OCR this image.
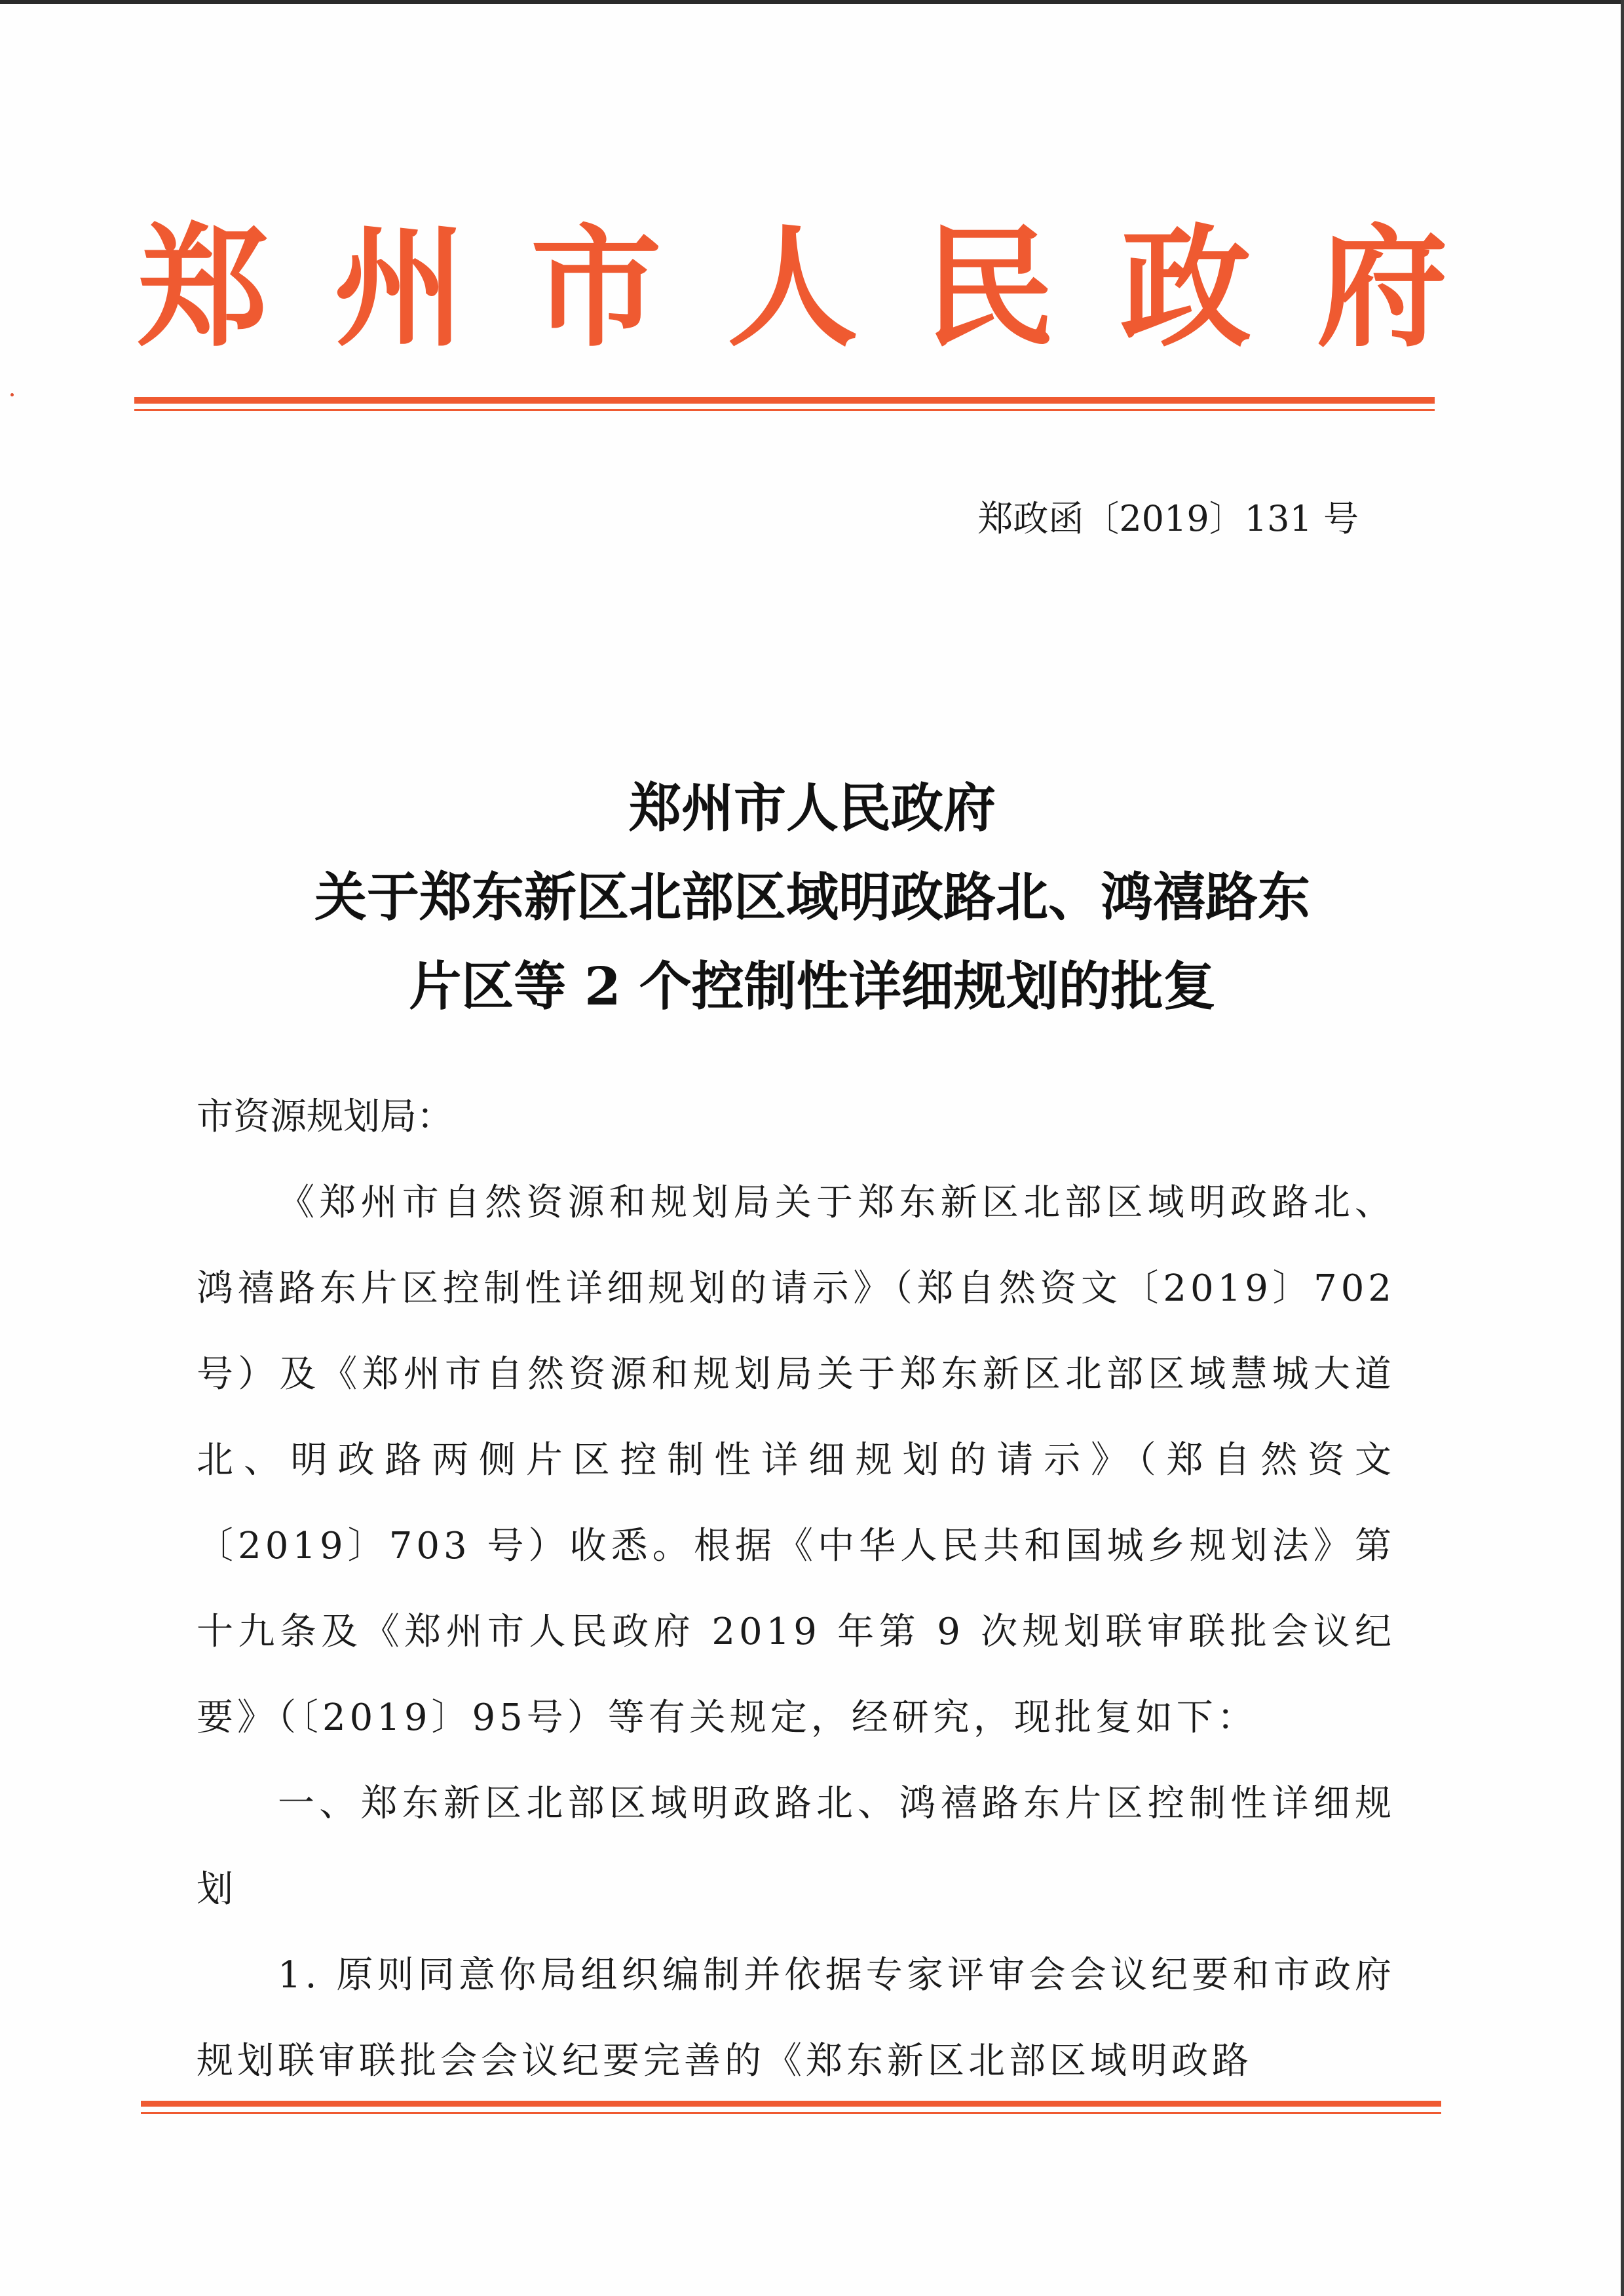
郑州市人民政府
郑政函〔2019〕131 号
郑州市人民政府
关于郑东新区北部区域明政路北、鸿禧路东
片区等 2 个控制性详细规划的批复
市资源规划局：
《郑州市自然资源和规划局关于郑东新区北部区域明政路北、鸿禧路东片区控制性详细规划的请示》（郑自然资文〔2019〕702号）及《郑州市自然资源和规划局关于郑东新区北部区域慧城大道北、明政路两侧片区控制性详细规划的请示》（郑自然资文〔2019〕703 号）收悉。根据《中华人民共和国城乡规划法》第十九条及《郑州市人民政府 2019 年第 9 次规划联审联批会议纪要》（〔2019〕95号）等有关规定，经研究，现批复如下：
一、郑东新区北部区域明政路北、鸿禧路东片区控制性详细规划
1. 原则同意你局组织编制并依据专家评审会会议纪要和市政府规划联审联批会会议纪要完善的《郑东新区北部区域明政路
